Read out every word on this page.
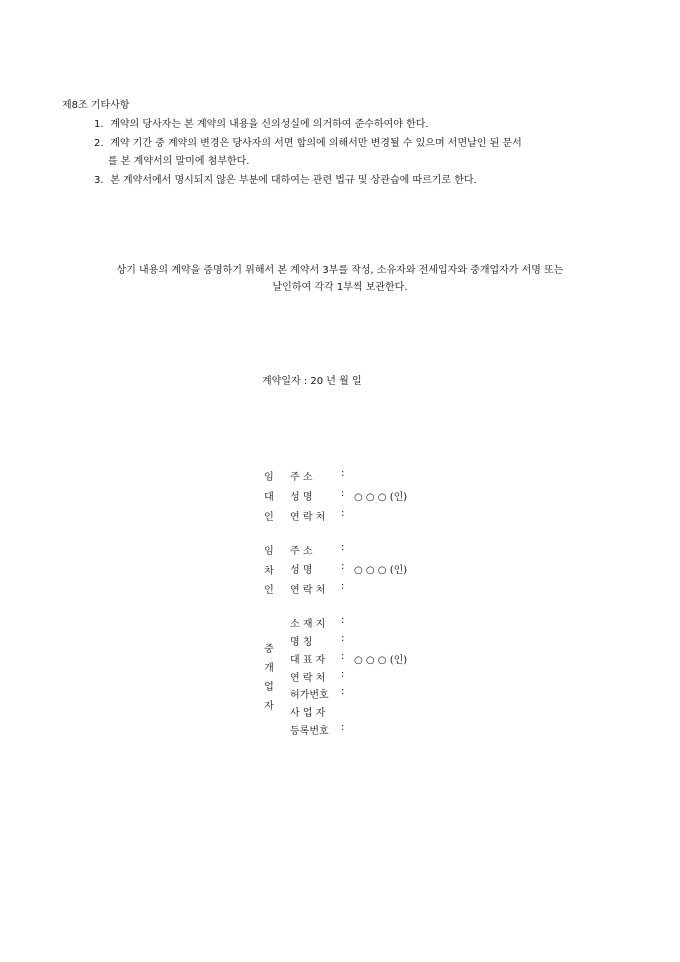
제8조 기타사항
1. 계약의 당사자는 본 계약의 내용을 신의성실에 의거하여 준수하여야 한다.
2. 계약 기간 중 계약의 변경은 당사자의 서면 합의에 의해서만 변경될 수 있으며 서면날인 된 문서
를 본 계약서의 말미에 첨부한다.
3. 본 계약서에서 명시되지 않은 부분에 대하여는 관련 법규 및 상관습에 따르기로 한다.
상기 내용의 계약을 증명하기 위해서 본 계약서 3부를 작성, 소유자와 전세입자와 중개업자가 서명 또는
날인하여 각각 1부씩 보관한다.
계약일자 : 20 년 월 일
임
대
인
주 소	:
성 명	: ○ ○ ○ (인)
연 락 처 :
임
차
인
주 소	:
성 명	: ○ ○ ○ (인)
연 락 처 :
중
개
업
자
소 재 지 :
명 칭	:
대 표 자 : ○ ○ ○ (인)
연 락 처 :
허가번호 :
사 업 자
등록번호 :
